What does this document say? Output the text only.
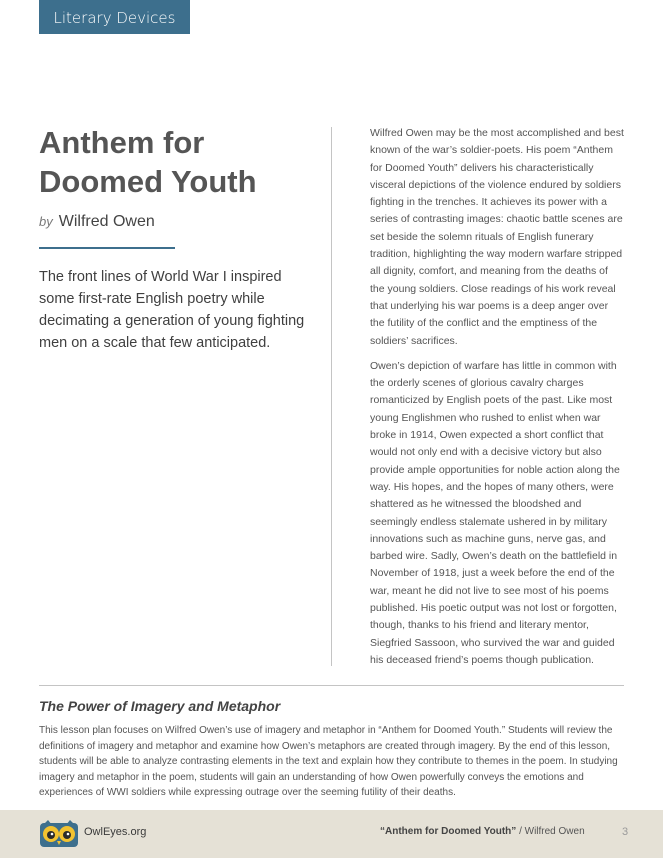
Literary Devices
Anthem for Doomed Youth
by Wilfred Owen
The front lines of World War I inspired some first-rate English poetry while decimating a generation of young fighting men on a scale that few anticipated.

Wilfred Owen may be the most accomplished and best known of the war’s soldier-poets. His poem “Anthem for Doomed Youth” delivers his characteristically visceral depictions of the violence endured by soldiers fighting in the trenches. It achieves its power with a series of contrasting images: chaotic battle scenes are set beside the solemn rituals of English funerary tradition, highlighting the way modern warfare stripped all dignity, comfort, and meaning from the deaths of the young soldiers. Close readings of his work reveal that underlying his war poems is a deep anger over the futility of the conflict and the emptiness of the soldiers’ sacrifices.

Owen’s depiction of warfare has little in common with the orderly scenes of glorious cavalry charges romanticized by English poets of the past. Like most young Englishmen who rushed to enlist when war broke in 1914, Owen expected a short conflict that would not only end with a decisive victory but also provide ample opportunities for noble action along the way. His hopes, and the hopes of many others, were shattered as he witnessed the bloodshed and seemingly endless stalemate ushered in by military innovations such as machine guns, nerve gas, and barbed wire. Sadly, Owen’s death on the battlefield in November of 1918, just a week before the end of the war, meant he did not live to see most of his poems published. His poetic output was not lost or forgotten, though, thanks to his friend and literary mentor, Siegfried Sassoon, who survived the war and guided his deceased friend’s poems though publication.

The Power of Imagery and Metaphor

This lesson plan focuses on Wilfred Owen’s use of imagery and metaphor in “Anthem for Doomed Youth.” Students will review the definitions of imagery and metaphor and examine how Owen’s metaphors are created through imagery. By the end of this lesson, students will be able to analyze contrasting elements in the text and explain how they contribute to themes in the poem. In studying imagery and metaphor in the poem, students will gain an understanding of how Owen powerfully conveys the emotions and experiences of WWI soldiers while expressing outrage over the seeming futility of their deaths.

OwlEyes.org	“Anthem for Doomed Youth” / Wilfred Owen	3
